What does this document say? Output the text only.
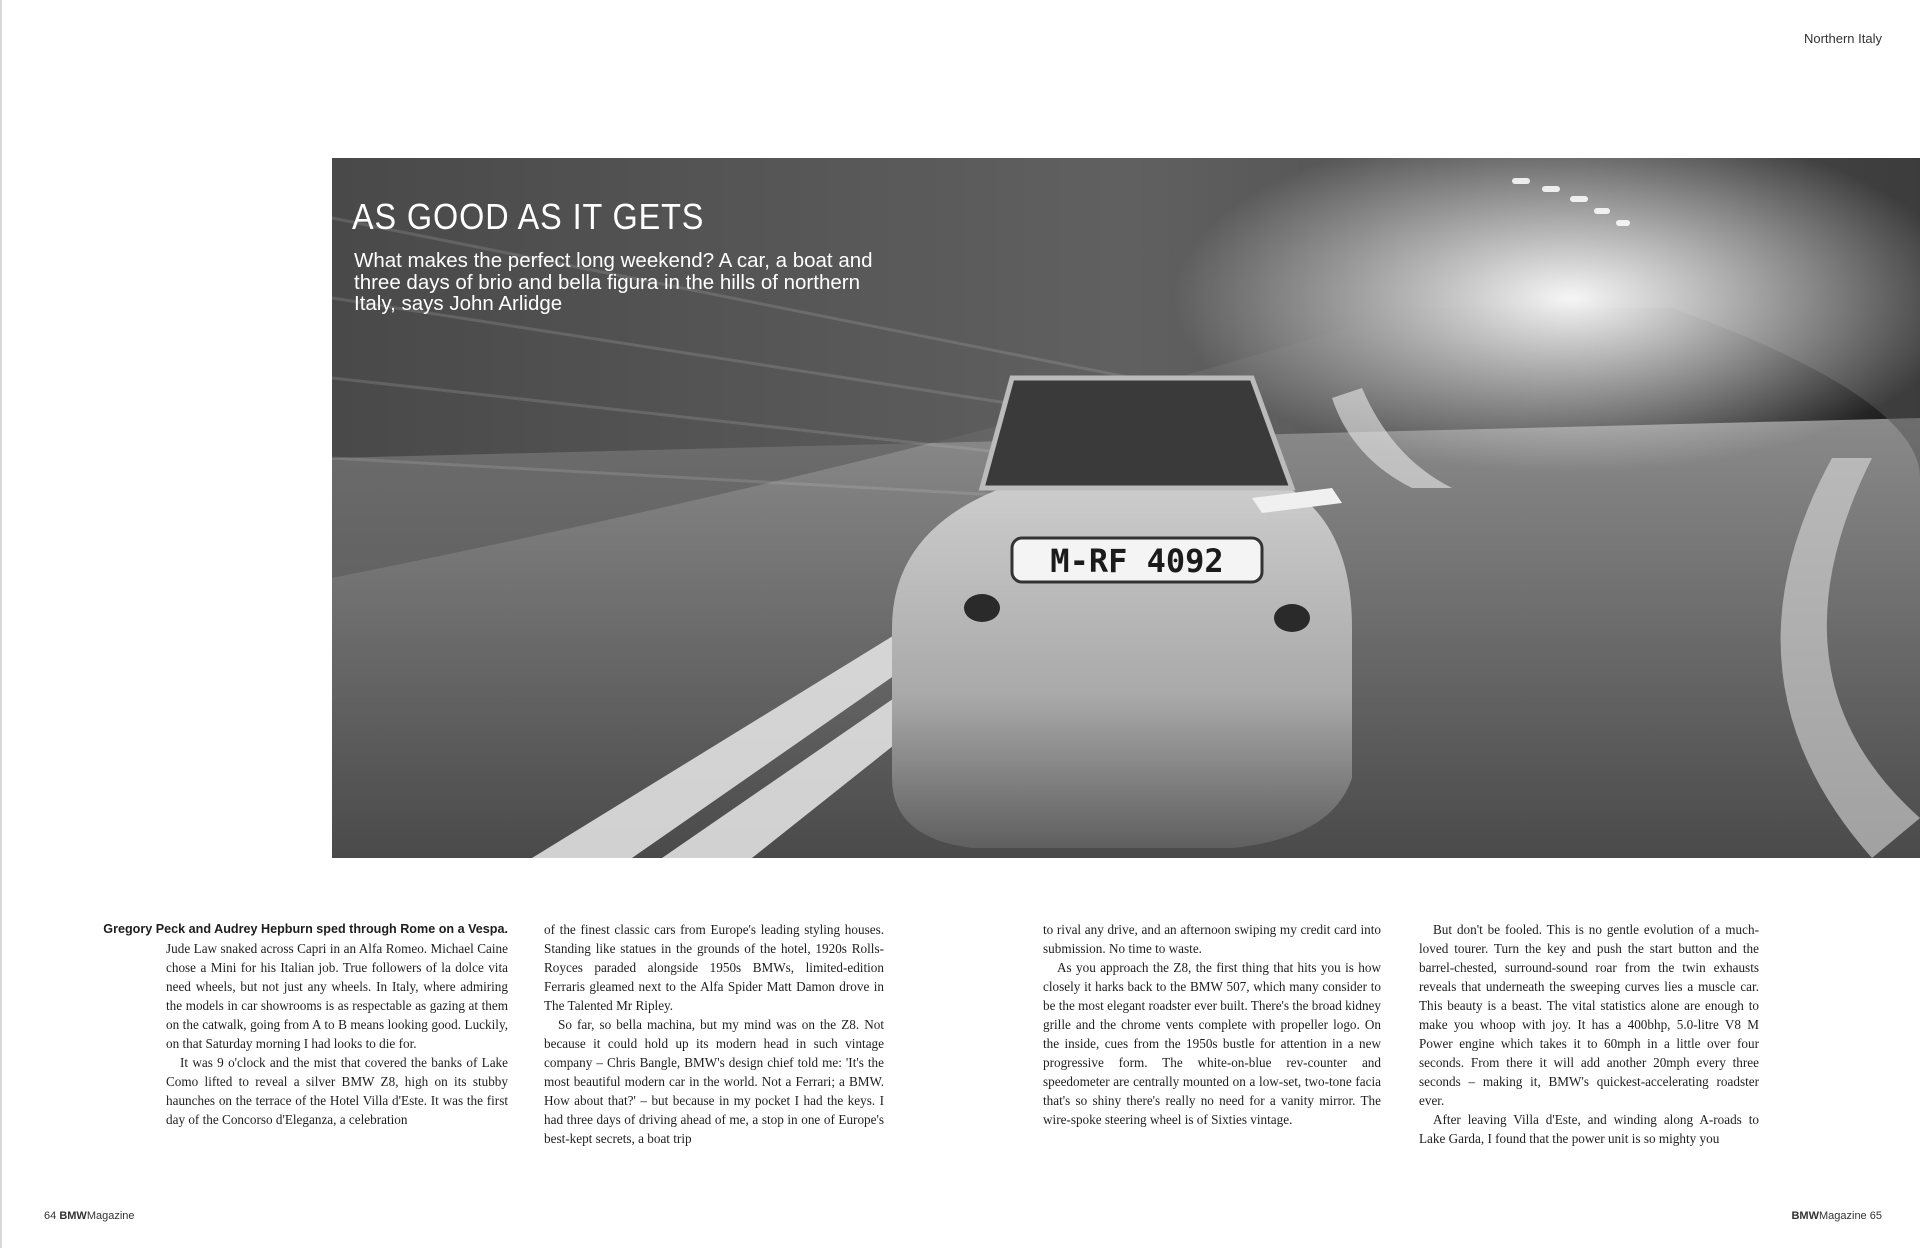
Northern Italy
M-RF 4092
AS GOOD AS IT GETS

What makes the perfect long weekend? A car, a boat and three days of brio and bella figura in the hills of northern Italy, says John Arlidge

Gregory Peck and Audrey Hepburn sped through Rome on a Vespa.
Jude Law snaked across Capri in an Alfa Romeo. Michael Caine chose a Mini for his Italian job. True followers of la dolce vita need wheels, but not just any wheels. In Italy, where admiring the models in car showrooms is as respectable as gazing at them on the catwalk, going from A to B means looking good. Luckily, on that Saturday morning I had looks to die for.

It was 9 o'clock and the mist that covered the banks of Lake Como lifted to reveal a silver BMW Z8, high on its stubby haunches on the terrace of the Hotel Villa d'Este. It was the first day of the Concorso d'Eleganza, a celebration

of the finest classic cars from Europe's leading styling houses. Standing like statues in the grounds of the hotel, 1920s Rolls-Royces paraded alongside 1950s BMWs, limited-edition Ferraris gleamed next to the Alfa Spider Matt Damon drove in The Talented Mr Ripley.

So far, so bella machina, but my mind was on the Z8. Not because it could hold up its modern head in such vintage company – Chris Bangle, BMW's design chief told me: 'It's the most beautiful modern car in the world. Not a Ferrari; a BMW. How about that?' – but because in my pocket I had the keys. I had three days of driving ahead of me, a stop in one of Europe's best-kept secrets, a boat trip

to rival any drive, and an afternoon swiping my credit card into submission. No time to waste.

As you approach the Z8, the first thing that hits you is how closely it harks back to the BMW 507, which many consider to be the most elegant roadster ever built. There's the broad kidney grille and the chrome vents complete with propeller logo. On the inside, cues from the 1950s bustle for attention in a new progressive form. The white-on-blue rev-counter and speedometer are centrally mounted on a low-set, two-tone facia that's so shiny there's really no need for a vanity mirror. The wire-spoke steering wheel is of Sixties vintage.

But don't be fooled. This is no gentle evolution of a much-loved tourer. Turn the key and push the start button and the barrel-chested, surround-sound roar from the twin exhausts reveals that underneath the sweeping curves lies a muscle car. This beauty is a beast. The vital statistics alone are enough to make you whoop with joy. It has a 400bhp, 5.0-litre V8 M Power engine which takes it to 60mph in a little over four seconds. From there it will add another 20mph every three seconds – making it, BMW's quickest-accelerating roadster ever.

After leaving Villa d'Este, and winding along A-roads to Lake Garda, I found that the power unit is so mighty you

64 BMWMagazine	BMWMagazine 65
